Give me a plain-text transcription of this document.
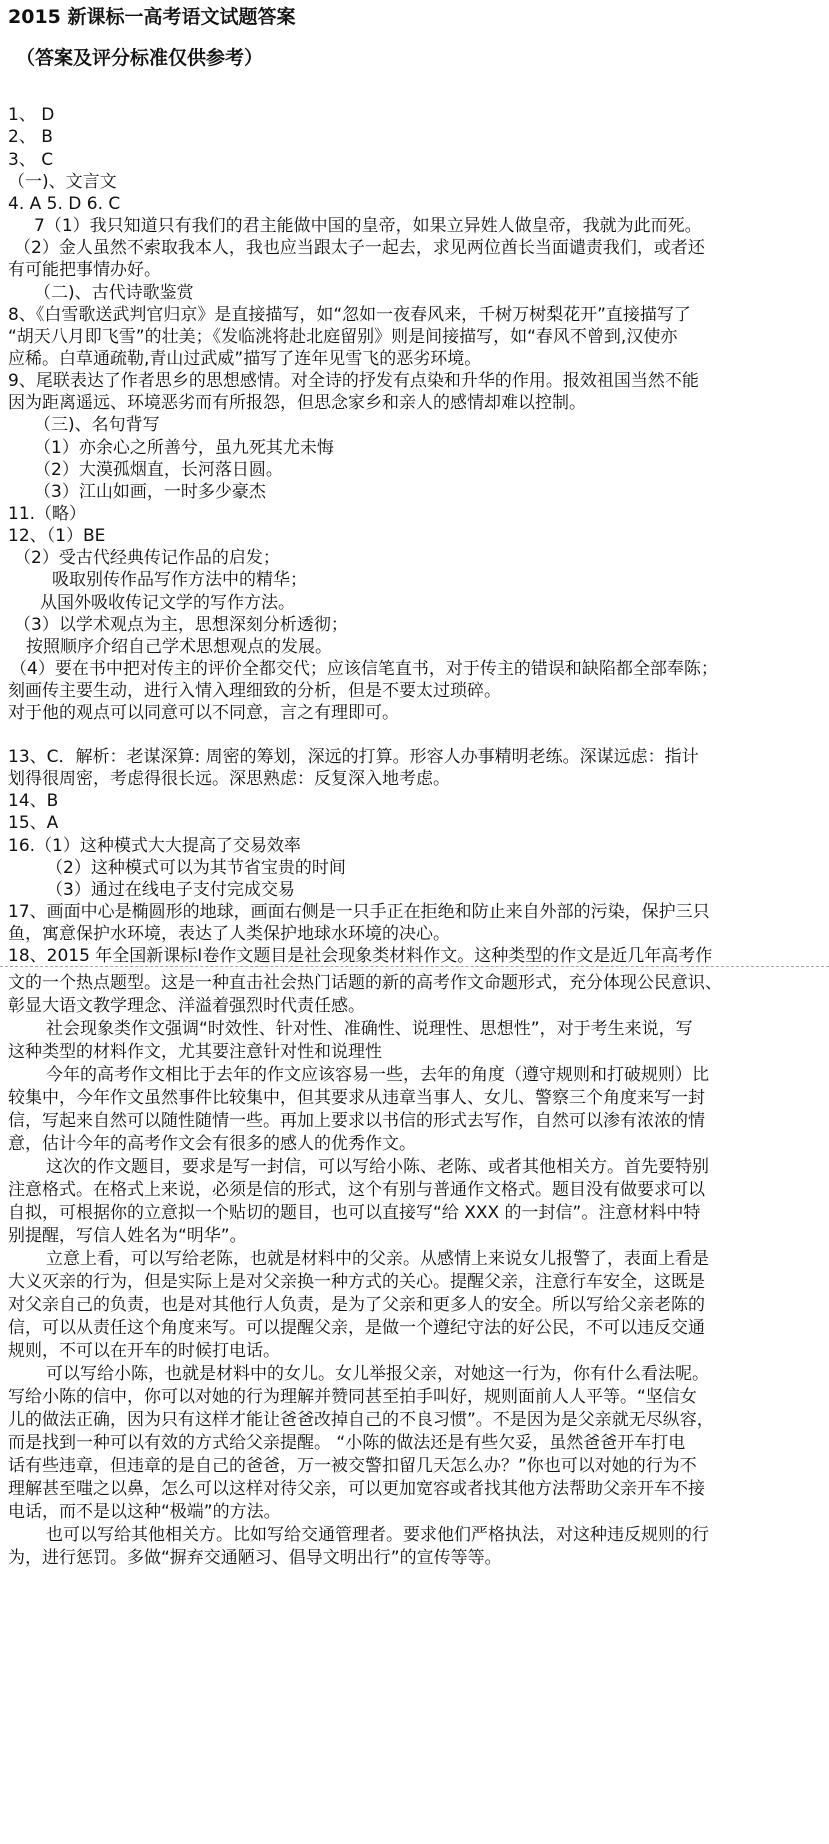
2015 新课标一高考语文试题答案
（答案及评分标准仅供参考）
1、 D
2、 B
3、 C
（一)、文言文
4. A 5. D 6. C
7（1）我只知道只有我们的君主能做中国的皇帝，如果立异姓人做皇帝，我就为此而死。
（2）金人虽然不索取我本人，我也应当跟太子一起去，求见两位酋长当面谴责我们，或者还
有可能把事情办好。
（二)、古代诗歌鉴赏
8、《白雪歌送武判官归京》是直接描写，如“忽如一夜春风来，千树万树梨花开”直接描写了
“胡天八月即飞雪”的壮美；《发临洮将赴北庭留别》则是间接描写，如“春风不曾到,汉使亦
应稀。白草通疏勒,青山过武威”描写了连年见雪飞的恶劣环境。
9、尾联表达了作者思乡的思想感情。对全诗的抒发有点染和升华的作用。报效祖国当然不能
因为距离遥远、环境恶劣而有所报怨，但思念家乡和亲人的感情却难以控制。
（三)、名句背写
（1）亦余心之所善兮，虽九死其尤未悔
（2）大漠孤烟直，长河落日圆。
（3）江山如画，一时多少豪杰
11.（略）
12、（1）BE
（2）受古代经典传记作品的启发；
吸取别传作品写作方法中的精华；
从国外吸收传记文学的写作方法。
（3）以学术观点为主，思想深刻分析透彻；
按照顺序介绍自己学术思想观点的发展。
（4）要在书中把对传主的评价全都交代；应该信笔直书，对于传主的错误和缺陷都全部奉陈；
刻画传主要生动，进行入情入理细致的分析，但是不要太过琐碎。
对于他的观点可以同意可以不同意，言之有理即可。
13、C．解析：老谋深算: 周密的筹划，深远的打算。形容人办事精明老练。深谋远虑：指计
划得很周密，考虑得很长远。深思熟虑：反复深入地考虑。
14、B
15、A
16.（1）这种模式大大提高了交易效率
（2）这种模式可以为其节省宝贵的时间
（3）通过在线电子支付完成交易
17、画面中心是椭圆形的地球，画面右侧是一只手正在拒绝和防止来自外部的污染，保护三只
鱼，寓意保护水环境，表达了人类保护地球水环境的决心。
18、2015 年全国新课标Ⅰ卷作文题目是社会现象类材料作文。这种类型的作文是近几年高考作
文的一个热点题型。这是一种直击社会热门话题的新的高考作文命题形式，充分体现公民意识、
彰显大语文教学理念、洋溢着强烈时代责任感。
社会现象类作文强调“时效性、针对性、准确性、说理性、思想性”，对于考生来说，写
这种类型的材料作文，尤其要注意针对性和说理性
今年的高考作文相比于去年的作文应该容易一些，去年的角度（遵守规则和打破规则）比
较集中，今年作文虽然事件比较集中，但其要求从违章当事人、女儿、警察三个角度来写一封
信，写起来自然可以随性随情一些。再加上要求以书信的形式去写作，自然可以渗有浓浓的情
意，估计今年的高考作文会有很多的感人的优秀作文。
这次的作文题目，要求是写一封信，可以写给小陈、老陈、或者其他相关方。首先要特别
注意格式。在格式上来说，必须是信的形式，这个有别与普通作文格式。题目没有做要求可以
自拟，可根据你的立意拟一个贴切的题目，也可以直接写“给 XXX 的一封信”。注意材料中特
别提醒，写信人姓名为“明华”。
立意上看，可以写给老陈，也就是材料中的父亲。从感情上来说女儿报警了，表面上看是
大义灭亲的行为，但是实际上是对父亲换一种方式的关心。提醒父亲，注意行车安全，这既是
对父亲自己的负责，也是对其他行人负责，是为了父亲和更多人的安全。所以写给父亲老陈的
信，可以从责任这个角度来写。可以提醒父亲，是做一个遵纪守法的好公民，不可以违反交通
规则，不可以在开车的时候打电话。
可以写给小陈，也就是材料中的女儿。女儿举报父亲，对她这一行为，你有什么看法呢。
写给小陈的信中，你可以对她的行为理解并赞同甚至拍手叫好，规则面前人人平等。“坚信女
儿的做法正确，因为只有这样才能让爸爸改掉自己的不良习惯”。不是因为是父亲就无尽纵容，
而是找到一种可以有效的方式给父亲提醒。 “小陈的做法还是有些欠妥，虽然爸爸开车打电
话有些违章，但违章的是自己的爸爸，万一被交警扣留几天怎么办？”你也可以对她的行为不
理解甚至嗤之以鼻，怎么可以这样对待父亲，可以更加宽容或者找其他方法帮助父亲开车不接
电话，而不是以这种“极端”的方法。
也可以写给其他相关方。比如写给交通管理者。要求他们严格执法，对这种违反规则的行
为，进行惩罚。多做“摒弃交通陋习、倡导文明出行”的宣传等等。
